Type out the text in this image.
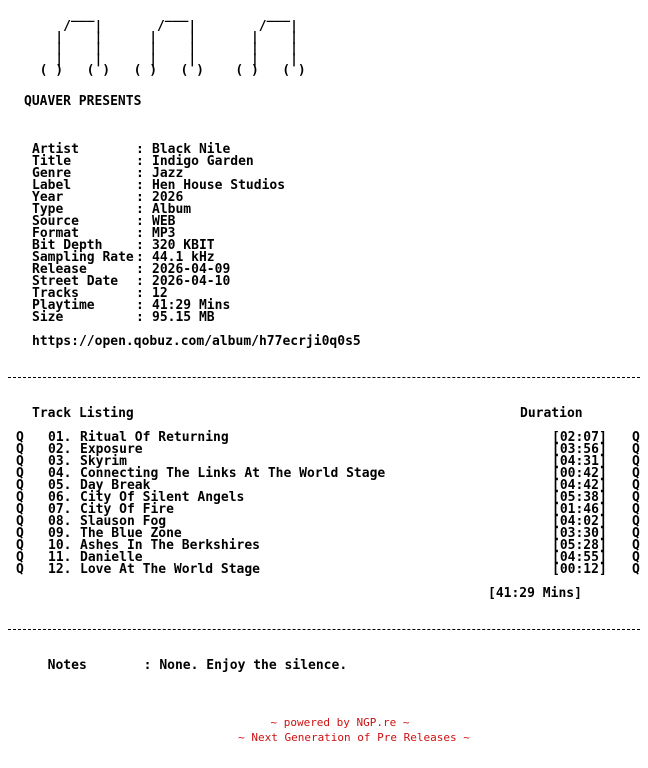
___         ___          ___
/   |       /   |        /   |
|    |      |    |       |    |
|    |      |    |       |    |
|    |      |    |       |    |
( )   ( )   ( )   ( )    ( )   ( )
QUAVER PRESENTS
Artist	: Black Nile
Title	: Indigo Garden
Genre	: Jazz
Label	: Hen House Studios
Year	: 2026
Type	: Album
Source	: WEB
Format	: MP3
Bit Depth	: 320 KBIT
Sampling Rate : 44.1 kHz
Release	: 2026-04-09
Street Date	: 2026-04-10
Tracks	: 12
Playtime	: 41:29 Mins
Size	: 95.15 MB
https://open.qobuz.com/album/h77ecrji0q0s5
Track Listing	Duration
Q 01. Ritual Of Returning	[02:07] Q
Q 02. Exposure	[03:56] Q
Q 03. Skyrim	[04:31] Q
Q 04. Connecting The Links At The World Stage	[00:42] Q
Q 05. Day Break	[04:42] Q
Q 06. City Of Silent Angels	[05:38] Q
Q 07. City Of Fire	[01:46] Q
Q 08. Slauson Fog	[04:02] Q
Q 09. The Blue Zone	[03:30] Q
Q 10. Ashes In The Berkshires	[05:28] Q
Q 11. Danielle	[04:55] Q
Q 12. Love At The World Stage	[00:12] Q
[41:29 Mins]

Notes	: None. Enjoy the silence.

~ powered by NGP.re ~
~ Next Generation of Pre Releases ~
